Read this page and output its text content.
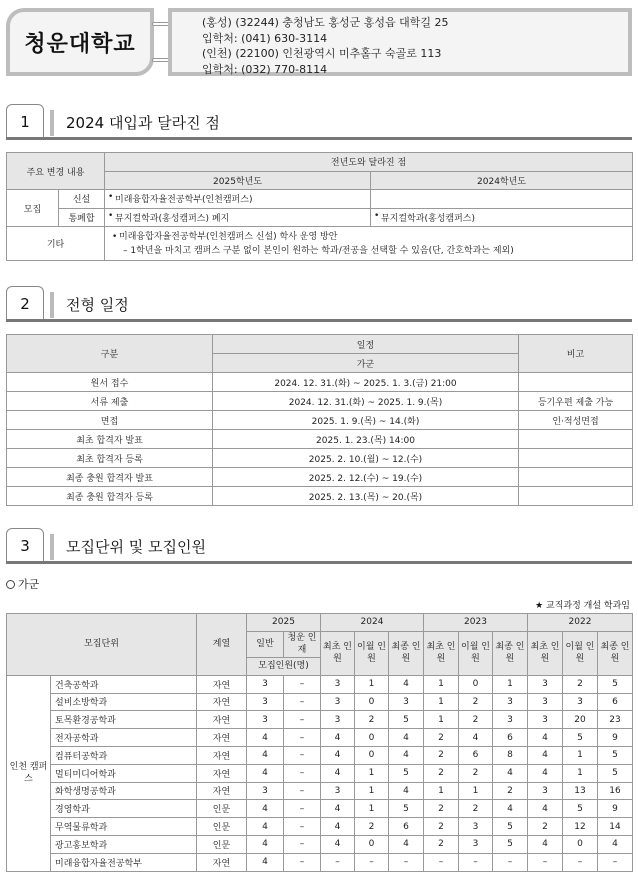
청운대학교
(홍성) (32244) 충청남도 홍성군 홍성읍 대학길 25
입학처: (041) 630-3114
(인천) (22100) 인천광역시 미추홀구 숙골로 113
입학처: (032) 770-8114
1	2024 대입과 달라진 점
주요 변경 내용		전년도와 달라진 점	
		2025학년도	2024학년도
모집	신설	• 미래융합자율전공학부(인천캠퍼스)	
	통폐합	• 뮤지컬학과(홍성캠퍼스) 폐지	• 뮤지컬학과(홍성캠퍼스)
기타		• 미래융합자율전공학부(인천캠퍼스 신설) 학사 운영 방안
– 1학년을 마치고 캠퍼스 구분 없이 본인이 원하는 학과/전공을 선택할 수 있음(단, 간호학과는 제외)
2	전형 일정
구분	일정	비고
	가군	
원서 접수	2024. 12. 31.(화) ~ 2025. 1. 3.(금) 21:00	
서류 제출	2024. 12. 31.(화) ~ 2025. 1. 9.(목)	등기우편 제출 가능
면접	2025. 1. 9.(목) ~ 14.(화)	인·적성면접
최초 합격자 발표	2025. 1. 23.(목) 14:00	
최초 합격자 등록	2025. 2. 10.(월) ~ 12.(수)	
최종 충원 합격자 발표	2025. 2. 12.(수) ~ 19.(수)	
최종 충원 합격자 등록	2025. 2. 13.(목) ~ 20.(목)	
3	모집단위 및 모집인원
가군
★ 교직과정 개설 학과임
모집단위		계열	2025		2024			2023			2022		
			일반	청운 인재	최초 인원	이월 인원	최종 인원	최초 인원	이월 인원	최종 인원	최초 인원	이월 인원	최종 인원
			모집인원(명)										
인천 캠퍼스	건축공학과	자연	3	–	3	1	4	1	0	1	3	2	5
	설비소방학과	자연	3	–	3	0	3	1	2	3	3	3	6
	토목환경공학과	자연	3	–	3	2	5	1	2	3	3	20	23
	전자공학과	자연	4	–	4	0	4	2	4	6	4	5	9
	컴퓨터공학과	자연	4	–	4	0	4	2	6	8	4	1	5
	멀티미디어학과	자연	4	–	4	1	5	2	2	4	4	1	5
	화학생명공학과	자연	3	–	3	1	4	1	1	2	3	13	16
	경영학과	인문	4	–	4	1	5	2	2	4	4	5	9
	무역물류학과	인문	4	–	4	2	6	2	3	5	2	12	14
	광고홍보학과	인문	4	–	4	0	4	2	3	5	4	0	4
	미래융합자율전공학부	자연	4	–	–	–	–	–	–	–	–	–	–
